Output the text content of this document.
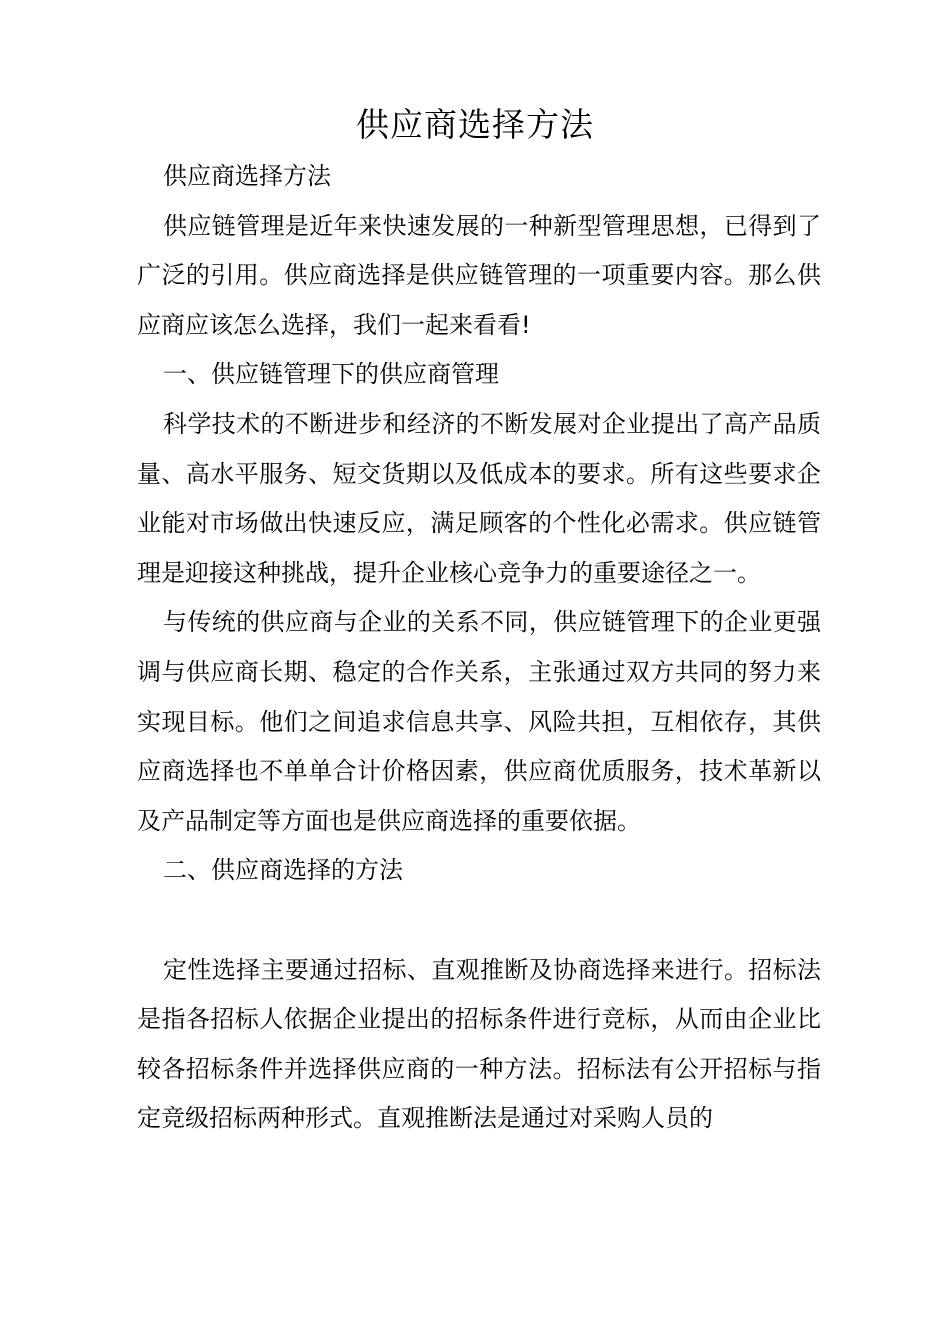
供应商选择方法

供应商选择方法

供应链管理是近年来快速发展的一种新型管理思想，已得到了广泛的引用。供应商选择是供应链管理的一项重要内容。那么供应商应该怎么选择，我们一起来看看!

一、供应链管理下的供应商管理

科学技术的不断进步和经济的不断发展对企业提出了高产品质量、高水平服务、短交货期以及低成本的要求。所有这些要求企业能对市场做出快速反应，满足顾客的个性化必需求。供应链管理是迎接这种挑战，提升企业核心竞争力的重要途径之一。

与传统的供应商与企业的关系不同，供应链管理下的企业更强调与供应商长期、稳定的合作关系，主张通过双方共同的努力来实现目标。他们之间追求信息共享、风险共担，互相依存，其供应商选择也不单单合计价格因素，供应商优质服务，技术革新以及产品制定等方面也是供应商选择的重要依据。

二、供应商选择的方法

定性选择主要通过招标、直观推断及协商选择来进行。招标法是指各招标人依据企业提出的招标条件进行竞标，从而由企业比较各招标条件并选择供应商的一种方法。招标法有公开招标与指定竞级招标两种形式。直观推断法是通过对采购人员的
